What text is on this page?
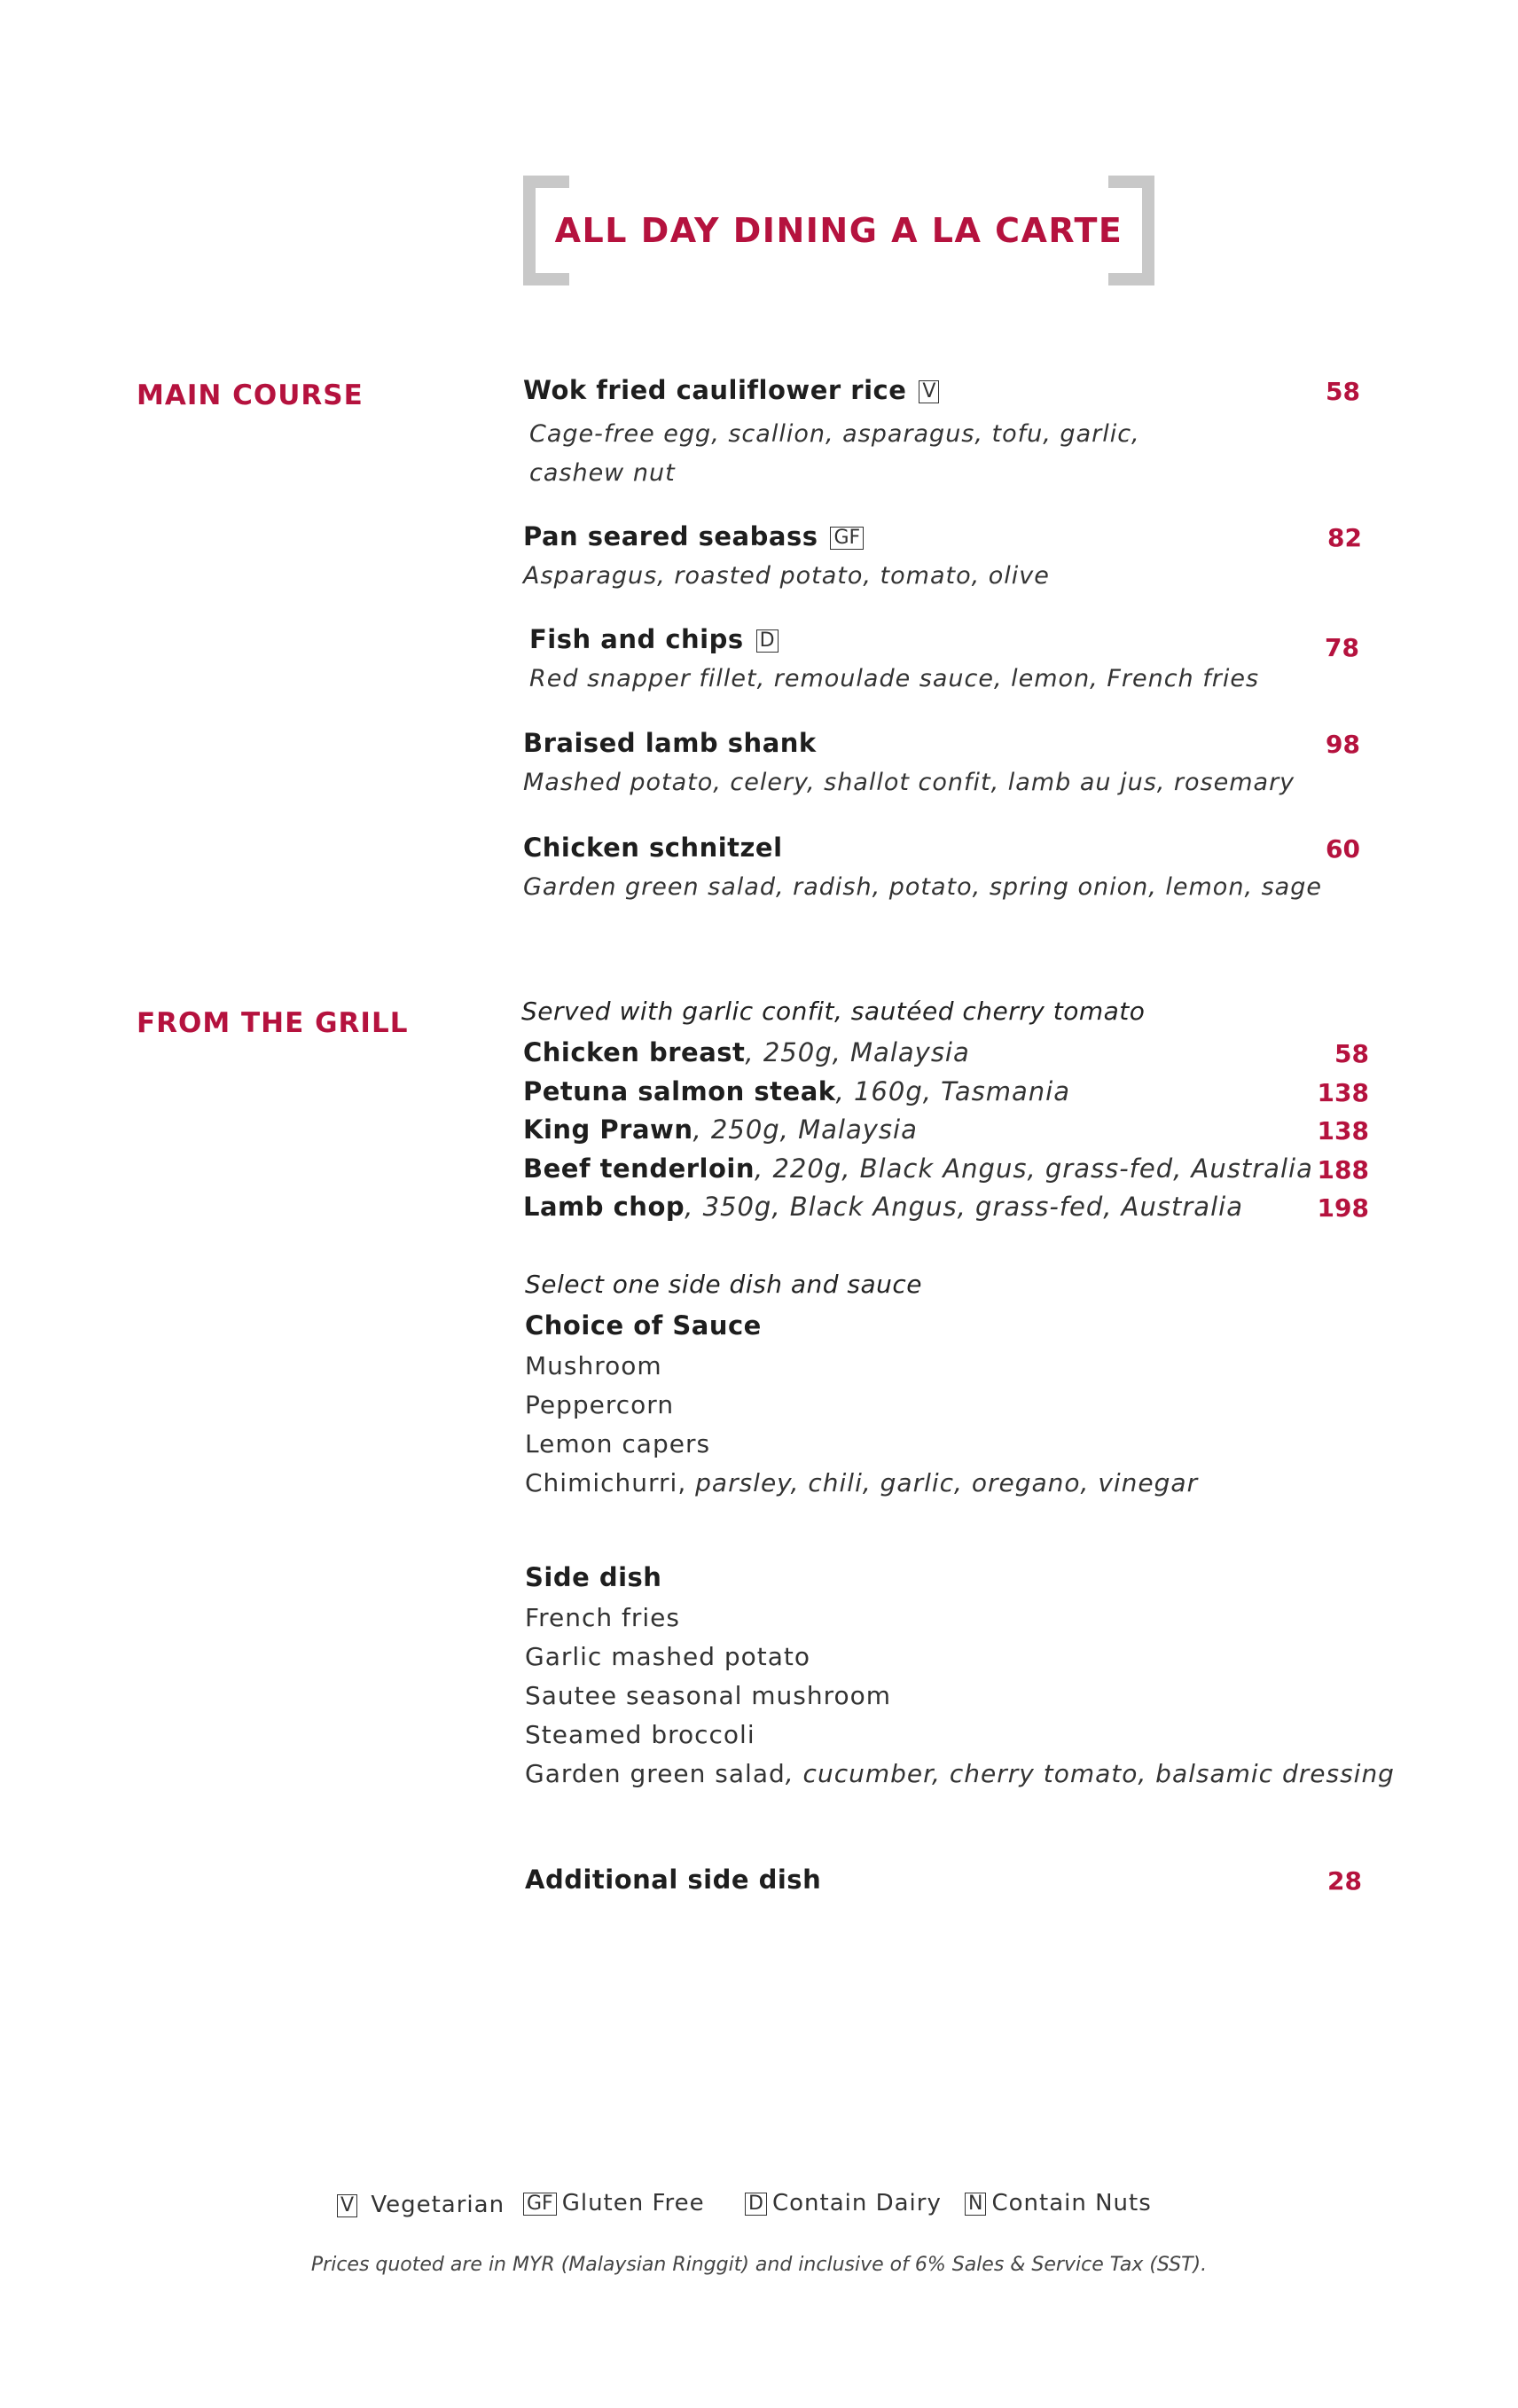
ALL DAY DINING A LA CARTE
MAIN COURSE	Wok fried cauliflower rice V	58
Cage-free egg, scallion, asparagus, tofu, garlic,
cashew nut
Pan seared seabass GF	82
Asparagus, roasted potato, tomato, olive
Fish and chips D	78
Red snapper fillet, remoulade sauce, lemon, French fries
Braised lamb shank	98
Mashed potato, celery, shallot confit, lamb au jus, rosemary
Chicken schnitzel	60
Garden green salad, radish, potato, spring onion, lemon, sage
FROM THE GRILL	Served with garlic confit, sautéed cherry tomato
Chicken breast, 250g, Malaysia	58
Petuna salmon steak, 160g, Tasmania	138
King Prawn, 250g, Malaysia	138
Beef tenderloin, 220g, Black Angus, grass-fed, Australia 188
Lamb chop, 350g, Black Angus, grass-fed, Australia	198
Select one side dish and sauce
Choice of Sauce
Mushroom
Peppercorn
Lemon capers
Chimichurri, parsley, chili, garlic, oregano, vinegar
Side dish
French fries
Garlic mashed potato
Sautee seasonal mushroom
Steamed broccoli
Garden green salad, cucumber, cherry tomato, balsamic dressing
Additional side dish	28
V Vegetarian GF Gluten Free D Contain Dairy N Contain Nuts
Prices quoted are in MYR (Malaysian Ringgit) and inclusive of 6% Sales & Service Tax (SST).
